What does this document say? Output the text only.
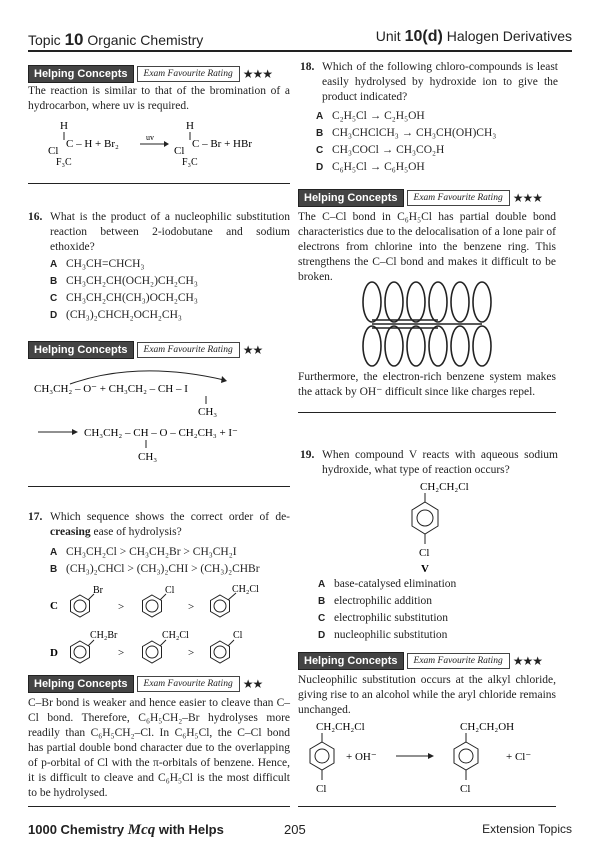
Topic 10 Organic Chemistry	Unit 10(d) Halogen Derivatives
Helping Concepts	Exam Favourite Rating ★★★

The reaction is similar to that of the bromination of a hydrocarbon, where uv is required.

H
C – H + Br₂
Cl
F₃C
uv
H
C – Br + HBr
Cl
F₃C
16. What is the product of a nucleophilic substitution reaction between 2-iodobutane and sodium ethoxide?

A CH₃CH=CHCH₃
B CH₃CH₂CH(OCH₂)CH₂CH₃
C CH₃CH₂CH(CH₃)OCH₂CH₃
D (CH₃)₂CHCH₂OCH₂CH₃
Helping Concepts	Exam Favourite Rating ★★
CH₃CH₂ – O⁻ + CH₃CH₂ – CH – I
CH₃
CH₃CH₂ – CH – O – CH₂CH₃ + I⁻
CH₃
17. Which sequence shows the correct order of de-creasing ease of hydrolysis?

A CH₃CH₂Cl > CH₃CH₂Br > CH₃CH₂I
B (CH₃)₂CHCl > (CH₃)₂CHI > (CH₃)₂CHBr
C
Br
>
Cl
>
CH₂Cl
D
CH₂Br
>
CH₂Cl
>
Cl
Helping Concepts	Exam Favourite Rating ★★

C–Br bond is weaker and hence easier to cleave than C–Cl bond. Therefore, C₆H₅CH₂–Br hydrolyses more readily than C₆H₅CH₂–Cl. In C₆H₅Cl, the C–Cl bond has partial double bond character due to the overlapping of p-orbital of Cl with the π-orbitals of benzene. Hence, it is difficult to cleave and C₆H₅Cl is the most difficult to be hydrolysed.

18. Which of the following chloro-compounds is least easily hydrolysed by hydroxide ion to give the product indicated?

A C₂H₅Cl → C₂H₅OH
B CH₃CHClCH₃ → CH₃CH(OH)CH₃
C CH₃COCl → CH₃CO₂H
D C₆H₅Cl → C₆H₅OH
Helping Concepts	Exam Favourite Rating ★★★

The C–Cl bond in C₆H₅Cl has partial double bond characteristics due to the delocalisation of a lone pair of electrons from chlorine into the benzene ring. This strengthens the C–Cl bond and makes it difficult to be broken.

Furthermore, the electron-rich benzene system makes the attack by OH⁻ difficult since like charges repel.

19. When compound V reacts with aqueous sodium hydroxide, what type of reaction occurs?

CH₂CH₂Cl
Cl
V
A base-catalysed elimination
B electrophilic addition
C electrophilic substitution
D nucleophilic substitution
Helping Concepts	Exam Favourite Rating ★★★

Nucleophilic substitution occurs at the alkyl chloride, giving rise to an alcohol while the aryl chloride remains unchanged.

CH₂CH₂Cl
Cl
+ OH⁻
CH₂CH₂OH
Cl
+ Cl⁻
1000 Chemistry Mcq with Helps	205	Extension Topics
